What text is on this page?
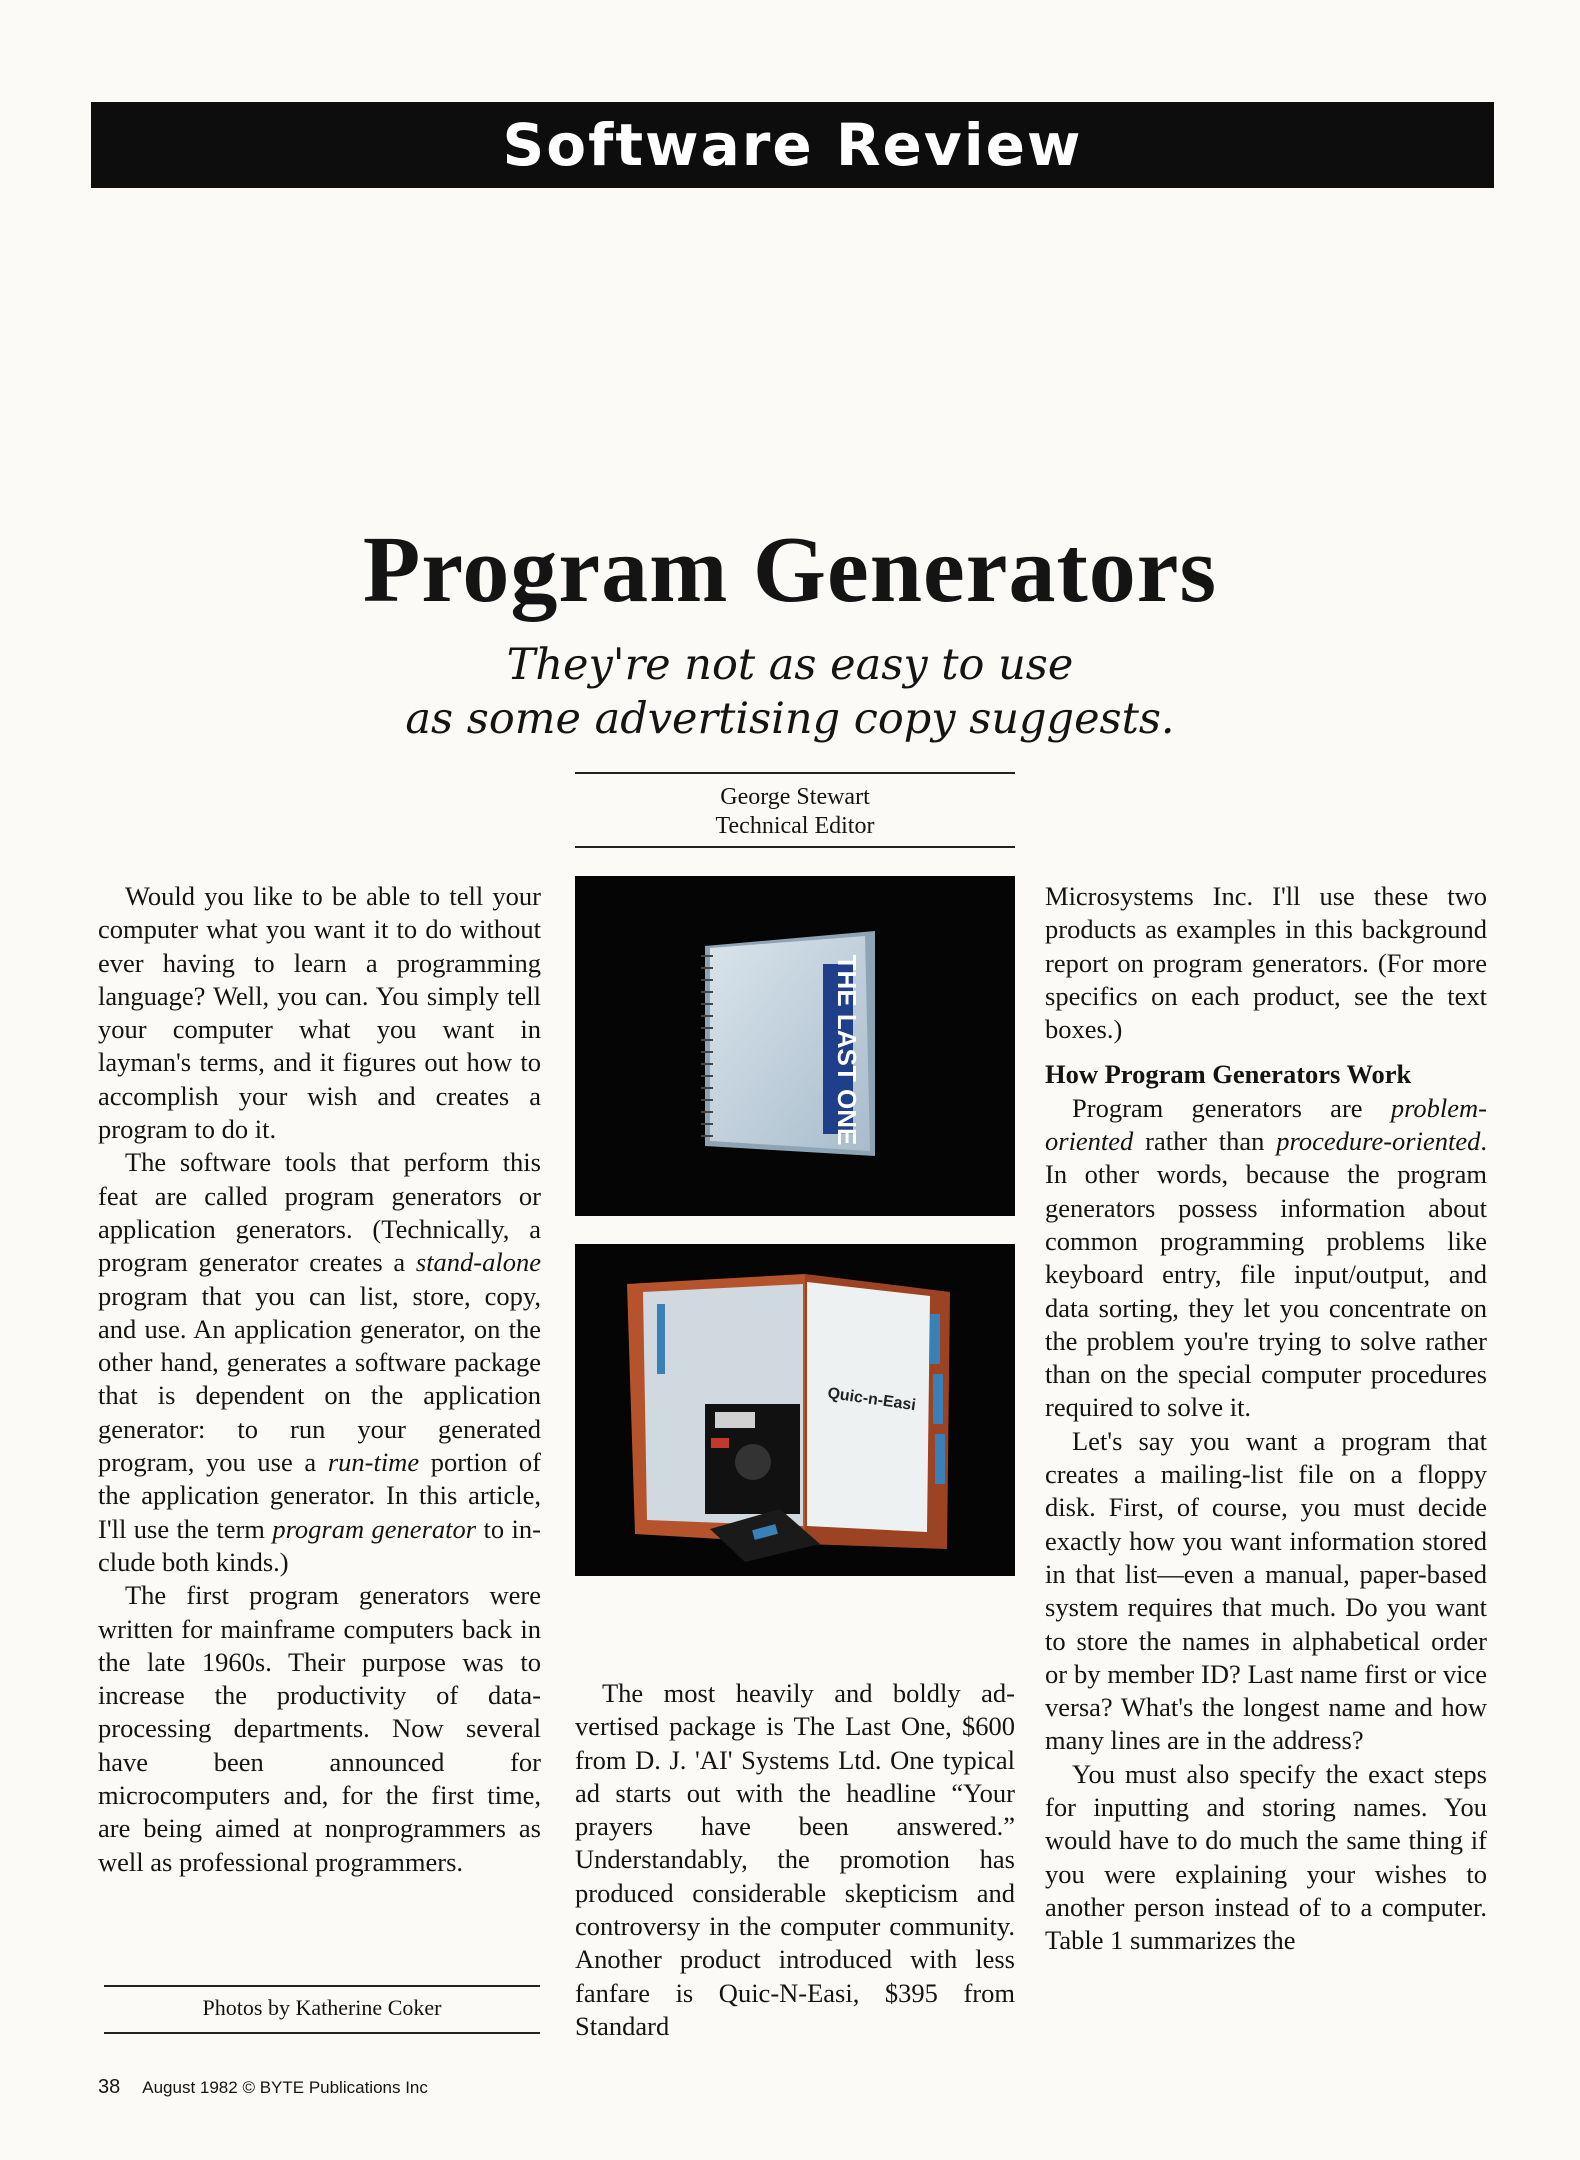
Software Review
Program Generators
They're not as easy to use
as some advertising copy suggests.
George Stewart
Technical Editor

Would you like to be able to tell your computer what you want it to do without ever having to learn a programming language? Well, you can. You simply tell your computer what you want in layman's terms, and it figures out how to accomplish your wish and creates a program to do it.

The software tools that perform this feat are called program generators or application generators. (Technically, a program generator creates a stand-alone program that you can list, store, copy, and use. An application generator, on the other hand, generates a software package that is dependent on the application generator: to run your generated program, you use a run-time portion of the application generator. In this article, I'll use the term program generator to include both kinds.)

The first program generators were written for mainframe computers back in the late 1960s. Their purpose was to increase the productivity of data-processing departments. Now several have been announced for microcomputers and, for the first time, are being aimed at nonprogrammers as well as professional programmers.

Photos by Katherine Coker
THE LAST ONE
Quic-n-Easi

The most heavily and boldly advertised package is The Last One, $600 from D. J. 'AI' Systems Ltd. One typical ad starts out with the headline “Your prayers have been answered.” Understandably, the promotion has produced considerable skepticism and controversy in the computer community. Another product introduced with less fanfare is Quic-N-Easi, $395 from Standard

Microsystems Inc. I'll use these two products as examples in this background report on program generators. (For more specifics on each product, see the text boxes.)

How Program Generators Work

Program generators are problem-oriented rather than procedure-oriented. In other words, because the program generators possess information about common programming problems like keyboard entry, file input/output, and data sorting, they let you concentrate on the problem you're trying to solve rather than on the special computer procedures required to solve it.

Let's say you want a program that creates a mailing-list file on a floppy disk. First, of course, you must decide exactly how you want information stored in that list—even a manual, paper-based system requires that much. Do you want to store the names in alphabetical order or by member ID? Last name first or vice versa? What's the longest name and how many lines are in the address?

You must also specify the exact steps for inputting and storing names. You would have to do much the same thing if you were explaining your wishes to another person instead of to a computer. Table 1 summarizes the

38 August 1982 © BYTE Publications Inc
